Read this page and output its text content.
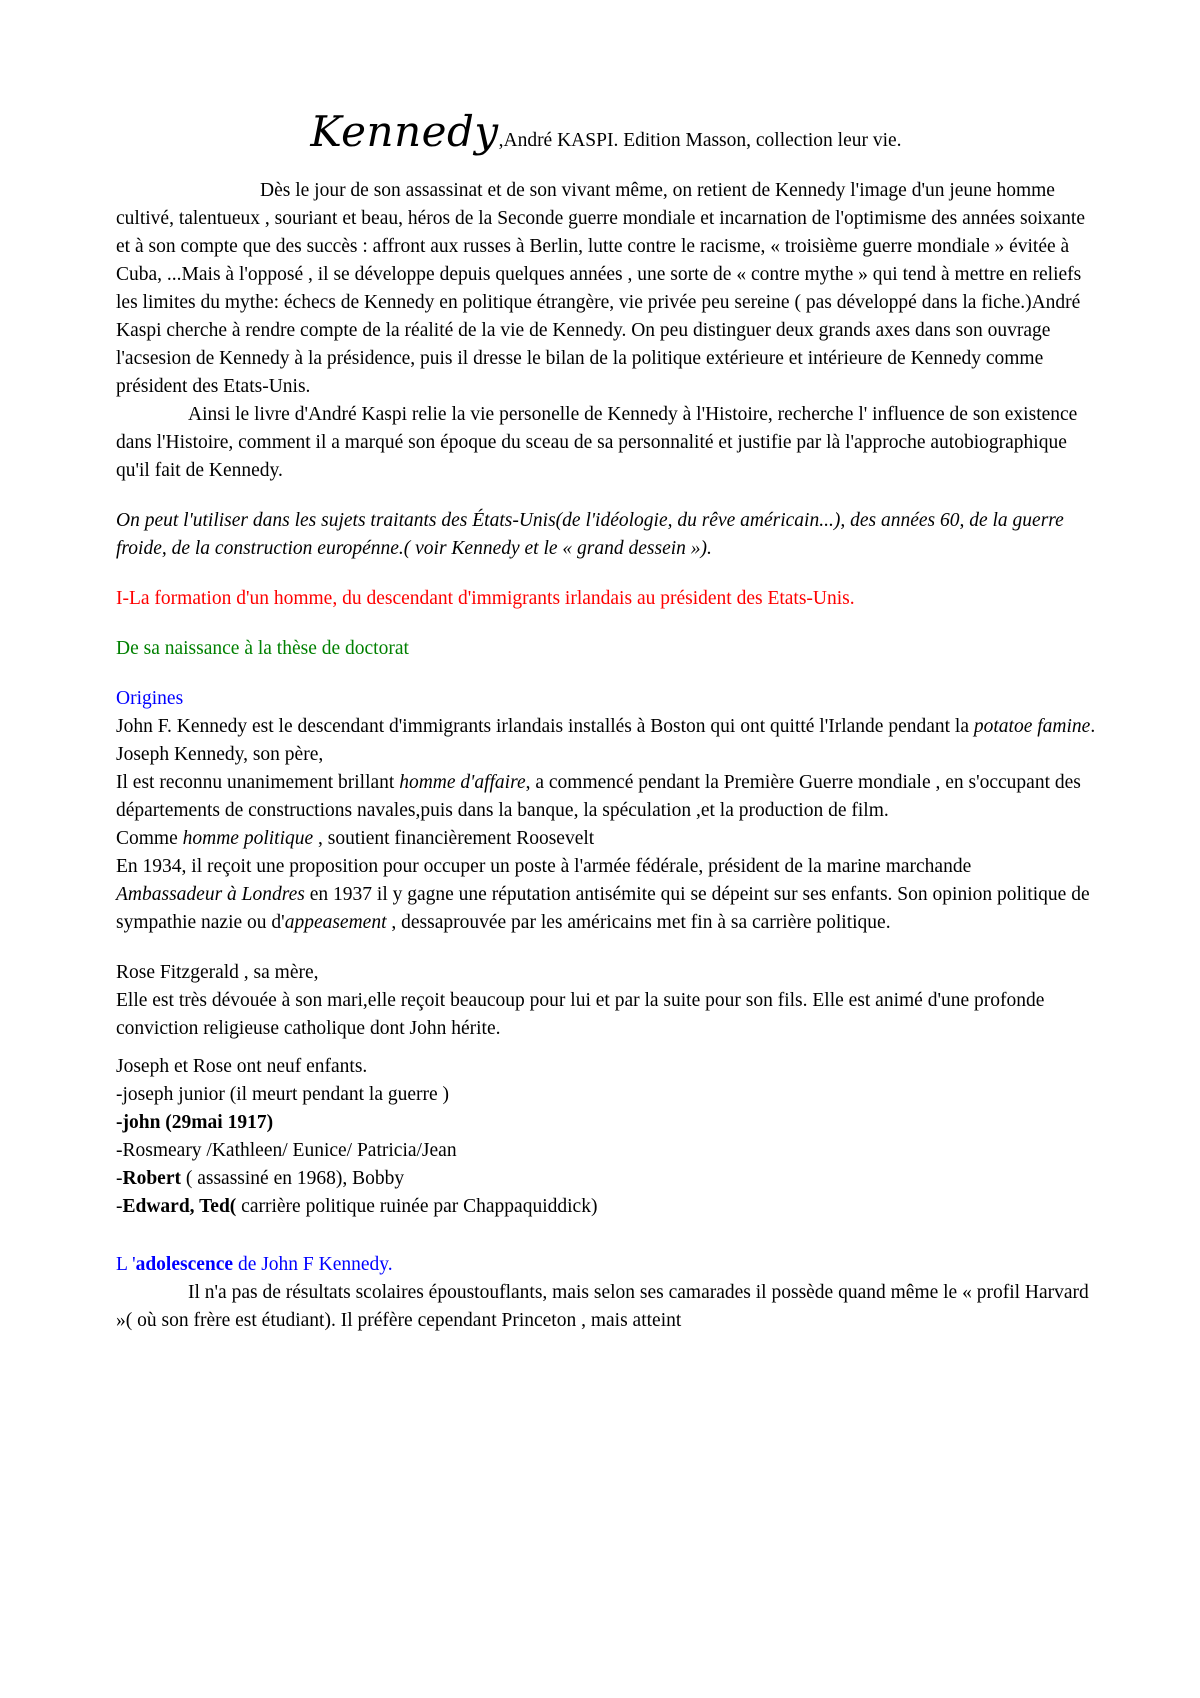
Kennedy,André KASPI. Edition Masson, collection leur vie.

Dès le jour de son assassinat et de son vivant même, on retient de Kennedy l'image d'un jeune homme cultivé, talentueux , souriant et beau, héros de la Seconde guerre mondiale et incarnation de l'optimisme des années soixante et à son compte que des succès : affront aux russes à Berlin, lutte contre le racisme, « troisième guerre mondiale » évitée à Cuba, ...Mais à l'opposé , il se développe depuis quelques années , une sorte de « contre mythe » qui tend à mettre en reliefs les limites du mythe: échecs de Kennedy en politique étrangère, vie privée peu sereine ( pas développé dans la fiche.)André Kaspi cherche à rendre compte de la réalité de la vie de Kennedy. On peu distinguer deux grands axes dans son ouvrage l'acsesion de Kennedy à la présidence, puis il dresse le bilan de la politique extérieure et intérieure de Kennedy comme président des Etats-Unis.

Ainsi le livre d'André Kaspi relie la vie personelle de Kennedy à l'Histoire, recherche l' influence de son existence dans l'Histoire, comment il a marqué son époque du sceau de sa personnalité et justifie par là l'approche autobiographique qu'il fait de Kennedy.

On peut l'utiliser dans les sujets traitants des États-Unis(de l'idéologie, du rêve américain...), des années 60, de la guerre froide, de la construction europénne.( voir Kennedy et le « grand dessein »).

I-La formation d'un homme, du descendant d'immigrants irlandais au président des Etats-Unis.

De sa naissance à la thèse de doctorat

Origines

John F. Kennedy est le descendant d'immigrants irlandais installés à Boston qui ont quitté l'Irlande pendant la potatoe famine.

Joseph Kennedy, son père,

Il est reconnu unanimement brillant homme d'affaire, a commencé pendant la Première Guerre mondiale , en s'occupant des départements de constructions navales,puis dans la banque, la spéculation ,et la production de film.

Comme homme politique , soutient financièrement Roosevelt

En 1934, il reçoit une proposition pour occuper un poste à l'armée fédérale, président de la marine marchande

Ambassadeur à Londres en 1937 il y gagne une réputation antisémite qui se dépeint sur ses enfants. Son opinion politique de sympathie nazie ou d'appeasement , dessaprouvée par les américains met fin à sa carrière politique.

Rose Fitzgerald , sa mère,

Elle est très dévouée à son mari,elle reçoit beaucoup pour lui et par la suite pour son fils. Elle est animé d'une profonde conviction religieuse catholique dont John hérite.

Joseph et Rose ont neuf enfants.

-joseph junior (il meurt pendant la guerre )

-john (29mai 1917)

-Rosmeary /Kathleen/ Eunice/ Patricia/Jean

-Robert ( assassiné en 1968), Bobby

-Edward, Ted( carrière politique ruinée par Chappaquiddick)

L 'adolescence de John F Kennedy.

Il n'a pas de résultats scolaires époustouflants, mais selon ses camarades il possède quand même le « profil Harvard »( où son frère est étudiant). Il préfère cependant Princeton , mais atteint
